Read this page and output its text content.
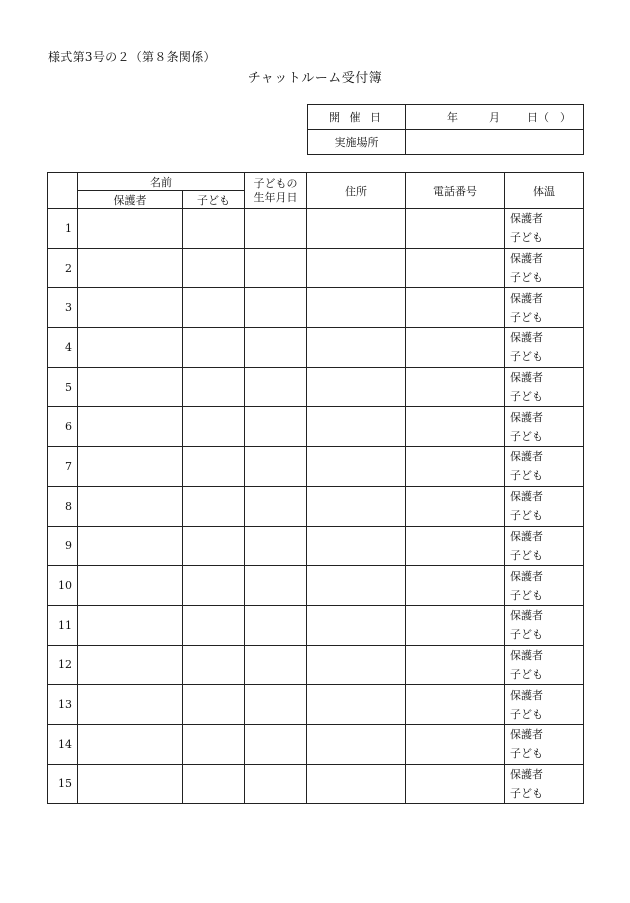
様式第3号の２（第８条関係）
チャットルーム受付簿
開 催 日	年 月 日（　）
実施場所	
	名前		子どもの生年月日	住所	電話番号	体温
	保護者	子ども				
1						保護者
子ども

2						保護者
子ども

3						保護者
子ども

4						保護者
子ども

5						保護者
子ども

6						保護者
子ども

7						保護者
子ども

8						保護者
子ども

9						保護者
子ども

10						保護者
子ども

11						保護者
子ども

12						保護者
子ども

13						保護者
子ども

14						保護者
子ども

15						保護者
子ども
